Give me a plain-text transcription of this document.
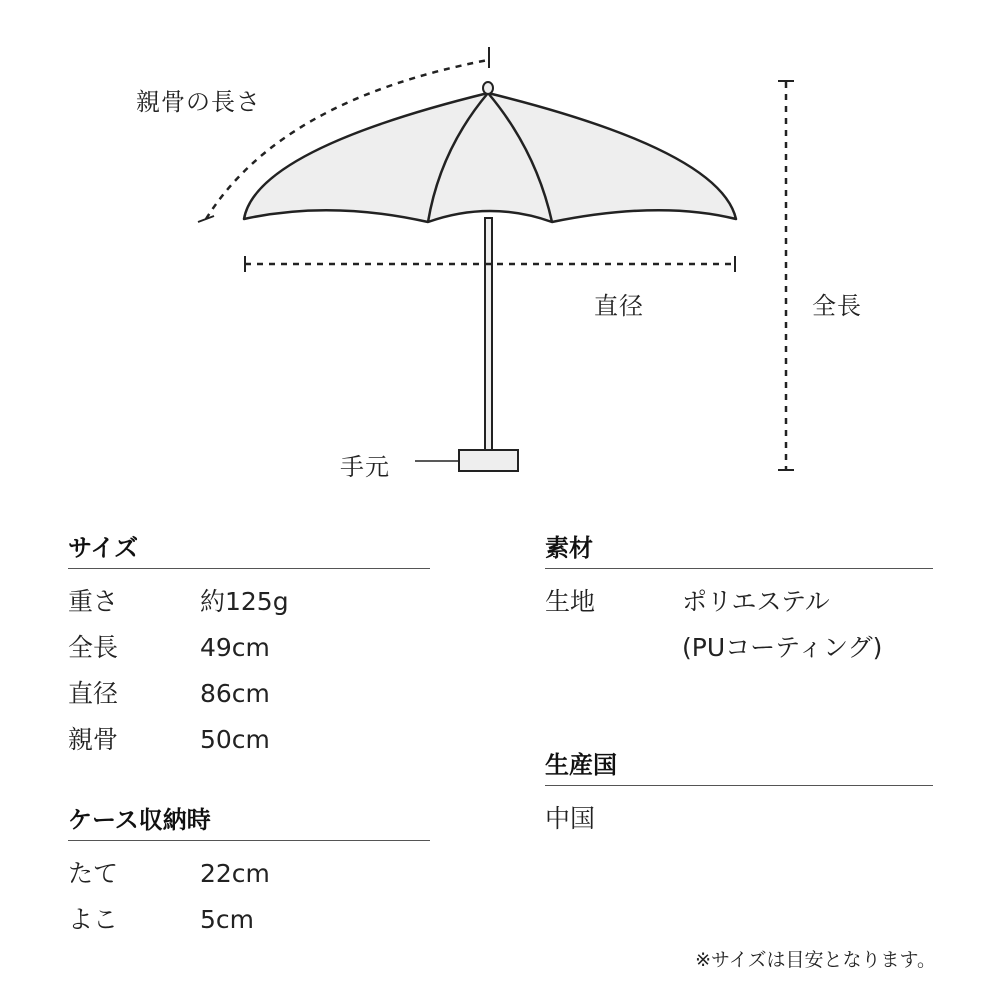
親骨の長さ
直径	全長
手元
サイズ
重さ	約125g
全長	49cm
直径	86cm
親骨	50cm
ケース収納時
たて	22cm
よこ	5cm
素材
生地	ポリエステル
(PUコーティング)
生産国
中国
※サイズは目安となります。
